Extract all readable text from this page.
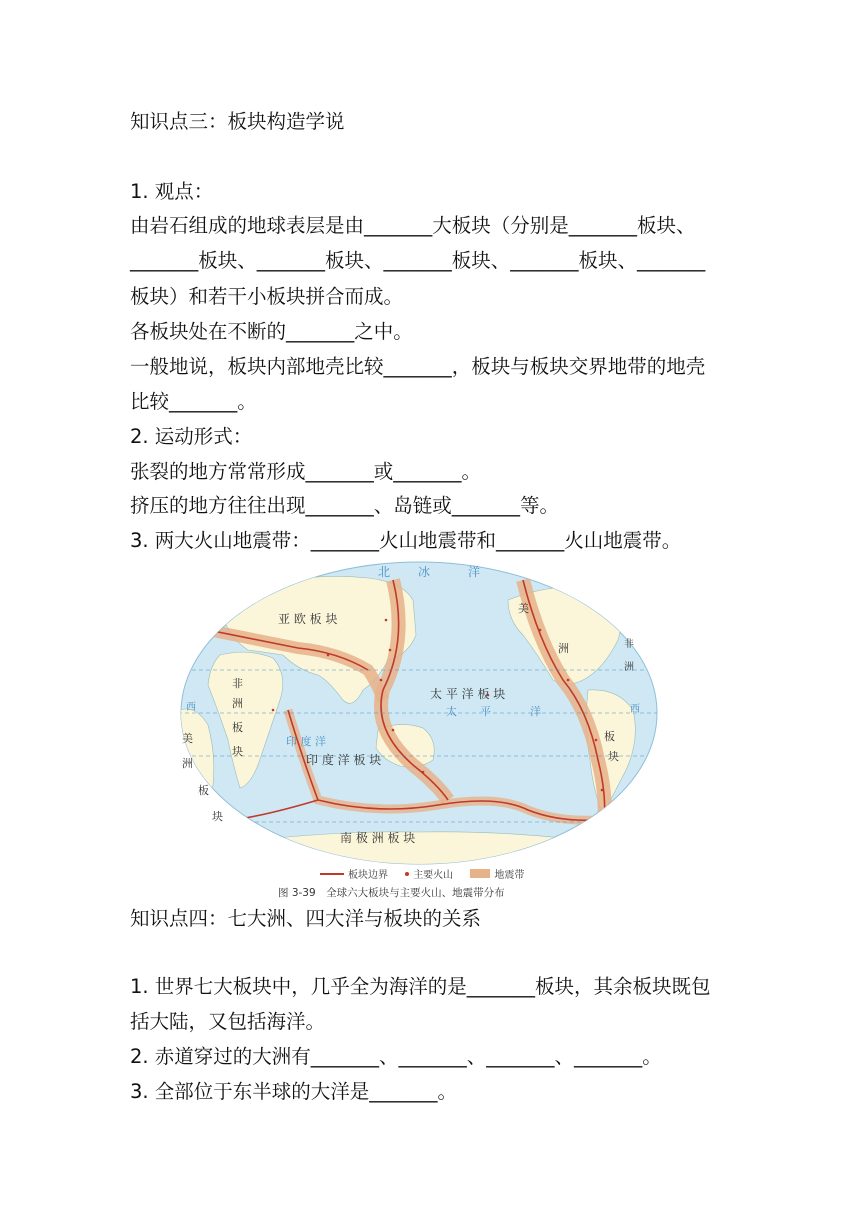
知识点三：板块构造学说
1. 观点：
由岩石组成的地球表层是由_______大板块（分别是_______板块、
_______板块、_______板块、_______板块、_______板块、_______
板块）和若干小板块拼合而成。
各板块处在不断的_______之中。
一般地说，板块内部地壳比较_______，板块与板块交界地带的地壳
比较_______。
2. 运动形式：
张裂的地方常常形成_______或_______。
挤压的地方往往出现_______、岛链或_______等。
3. 两大火山地震带：_______火山地震带和_______火山地震带。
北 冰	洋
亚 欧 板 块
非
洲
板
块
太 平 洋 板 块
太 平	洋
印 度 洋
印 度 洋 板 块
南 极 洲 板 块
西
美
洲
板
块
美
洲	非
洲
西
板
块
板块边界	主要火山	地震带
图 3-39　全球六大板块与主要火山、地震带分布
知识点四：七大洲、四大洋与板块的关系
1. 世界七大板块中，几乎全为海洋的是_______板块，其余板块既包
括大陆，又包括海洋。
2. 赤道穿过的大洲有_______、_______、_______、_______。
3. 全部位于东半球的大洋是_______。
